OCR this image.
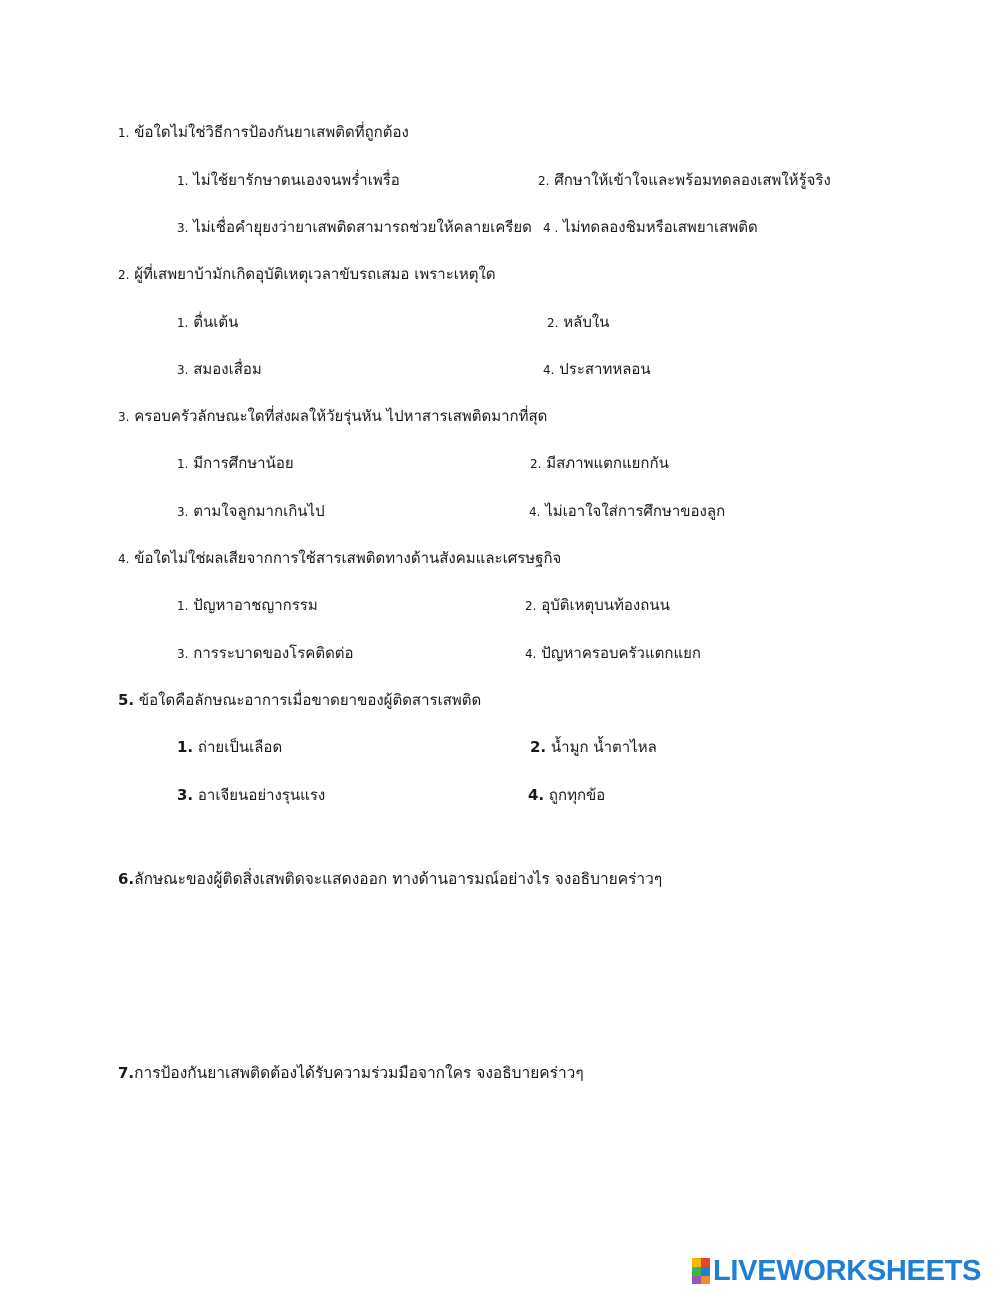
1. ข้อใดไม่ใช่วิธีการป้องกันยาเสพติดที่ถูกต้อง
1. ไม่ใช้ยารักษาตนเองจนพร่ำเพรื่อ	2. ศึกษาให้เข้าใจและพร้อมทดลองเสพให้รู้จริง
3. ไม่เชื่อคำยุยงว่ายาเสพติดสามารถช่วยให้คลายเครียด 4 . ไม่ทดลองชิมหรือเสพยาเสพติด
2. ผู้ที่เสพยาบ้ามักเกิดอุบัติเหตุเวลาขับรถเสมอ เพราะเหตุใด
1. ตื่นเต้น	2. หลับใน
3. สมองเสื่อม	4. ประสาทหลอน
3. ครอบครัวลักษณะใดที่ส่งผลให้วัยรุ่นหัน ไปหาสารเสพติดมากที่สุด
1. มีการศึกษาน้อย	2. มีสภาพแตกแยกกัน
3. ตามใจลูกมากเกินไป	4. ไม่เอาใจใส่การศึกษาของลูก
4. ข้อใดไม่ใช่ผลเสียจากการใช้สารเสพติดทางด้านสังคมและเศรษฐกิจ
1. ปัญหาอาชญากรรม	2. อุบัติเหตุบนท้องถนน
3. การระบาดของโรคติดต่อ	4. ปัญหาครอบครัวแตกแยก
5. ข้อใดคือลักษณะอาการเมื่อขาดยาของผู้ติดสารเสพติด
1. ถ่ายเป็นเลือด	2. น้ำมูก น้ำตาไหล
3. อาเจียนอย่างรุนแรง	4. ถูกทุกข้อ
6.ลักษณะของผู้ติดสิ่งเสพติดจะแสดงออก ทางด้านอารมณ์อย่างไร จงอธิบายคร่าวๆ
7.การป้องกันยาเสพติดต้องได้รับความร่วมมือจากใคร จงอธิบายคร่าวๆ
LIVEWORKSHEETS
